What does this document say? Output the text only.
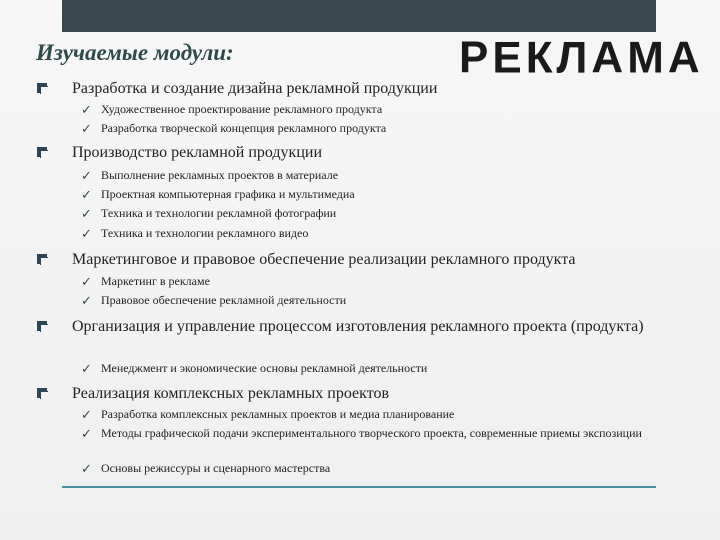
Изучаемые модули:	РЕКЛАМА
Разработка и создание дизайна рекламной продукции
✓ Художественное проектирование рекламного продукта
✓ Разработка творческой концепция рекламного продукта
Производство рекламной продукции
✓ Выполнение рекламных проектов в материале
✓ Проектная компьютерная графика и мультимедиа
✓ Техника и технологии рекламной фотографии
✓ Техника и технологии рекламного видео
Маркетинговое и правовое обеспечение реализации рекламного продукта
✓ Маркетинг в рекламе
✓ Правовое обеспечение рекламной деятельности
Организация и управление процессом изготовления рекламного проекта (продукта)
✓ Менеджмент и экономические основы рекламной деятельности
Реализация комплексных рекламных проектов
✓ Разработка комплексных рекламных проектов и медиа планирование
✓ Методы графической подачи экспериментального творческого проекта, современные приемы экспозиции
✓ Основы режиссуры и сценарного мастерства
